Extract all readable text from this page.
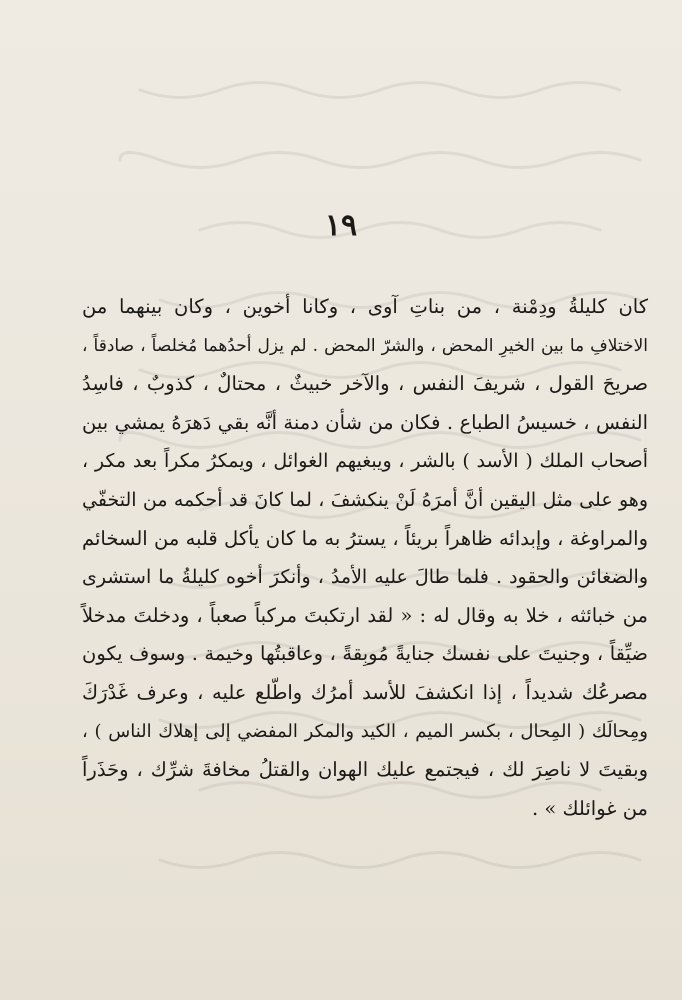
١٩
كان كليلةُ ودِمْنة ، من بناتِ آوى ، وكانا أخوين ، وكان بينهما من
الاختلافِ ما بين الخيرِ المحض ، والشرّ المحض . لم يزل أحدُهما مُخلصاً ، صادقاً ،
صريحَ القول ، شريفَ النفس ، والآخر خبيثٌ ، محتالٌ ، كذوبٌ ، فاسِدُ
النفس ، خسيسُ الطباع . فكان من شأن دمنة أنَّه بقي دَهرَهُ يمشي بين
أصحاب الملك ( الأسد ) بالشر ، ويبغيهم الغوائل ، ويمكرُ مكراً بعد مكر ،
وهو على مثل اليقين أنَّ أمرَهُ لَنْ ينكشفَ ، لما كانَ قد أحكمه من التخفّي
والمراوغة ، وإبدائه ظاهراً بريئاً ، يسترُ به ما كان يأكل قلبه من السخائم
والضغائن والحقود . فلما طالَ عليه الأمدُ ، وأنكرَ أخوه كليلةُ ما استشرى
من خبائثه ، خلا به وقال له : « لقد ارتكبتَ مركباً صعباً ، ودخلتَ مدخلاً
ضيِّقاً ، وجنيتَ على نفسك جنايةً مُوبِقةً ، وعاقبتُها وخيمة . وسوف يكون
مصرعُك شديداً ، إذا انكشفَ للأسد أمرُك واطّلع عليه ، وعرف غَدْرَكَ
ومِحالَك ( المِحال ، بكسر الميم ، الكيد والمكر المفضي إلى إهلاك الناس ) ،
وبقيتَ لا ناصِرَ لك ، فيجتمع عليك الهوان والقتلُ مخافةَ شرِّك ، وحَذَراً
من غوائلك » .
